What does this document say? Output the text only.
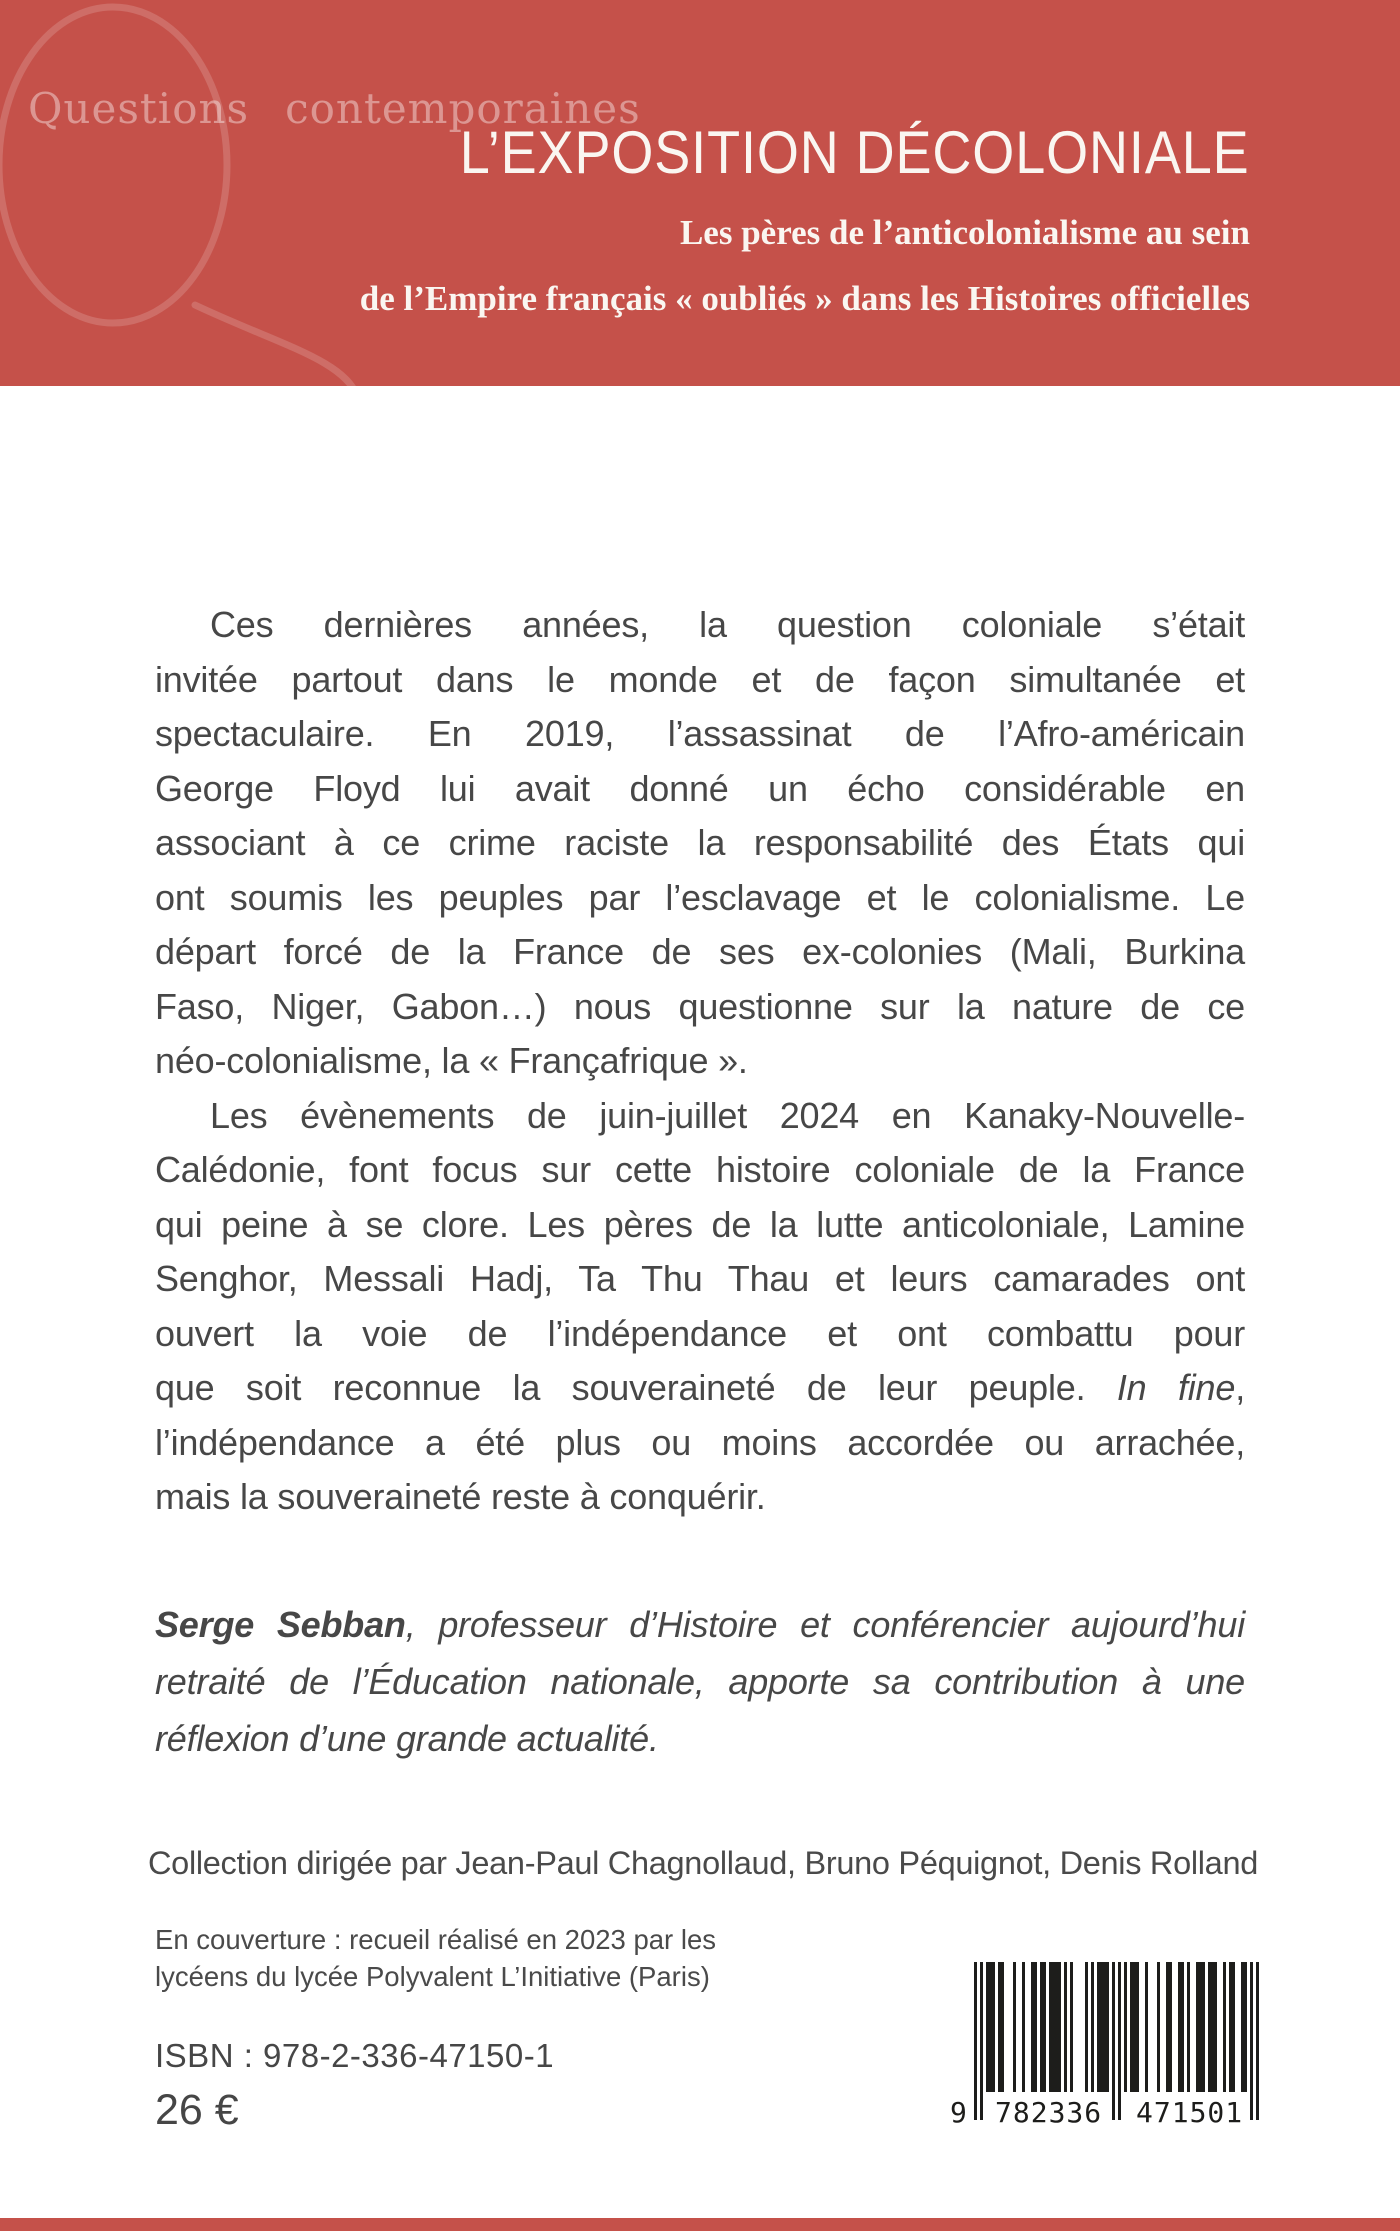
Questions contemporaines
L’EXPOSITION DÉCOLONIALE
Les pères de l’anticolonialisme au sein
de l’Empire français « oubliés » dans les Histoires officielles
Ces dernières années, la question coloniale s’était
invitée partout dans le monde et de façon simultanée et
spectaculaire. En 2019, l’assassinat de l’Afro-américain
George Floyd lui avait donné un écho considérable en
associant à ce crime raciste la responsabilité des États qui
ont soumis les peuples par l’esclavage et le colonialisme. Le
départ forcé de la France de ses ex-colonies (Mali, Burkina
Faso, Niger, Gabon…) nous questionne sur la nature de ce
néo-colonialisme, la « Françafrique ».
Les évènements de juin-juillet 2024 en Kanaky-Nouvelle-
Calédonie, font focus sur cette histoire coloniale de la France
qui peine à se clore. Les pères de la lutte anticoloniale, Lamine
Senghor, Messali Hadj, Ta Thu Thau et leurs camarades ont
ouvert la voie de l’indépendance et ont combattu pour
que soit reconnue la souveraineté de leur peuple. In fine,
l’indépendance a été plus ou moins accordée ou arrachée,
mais la souveraineté reste à conquérir.
Serge Sebban, professeur d’Histoire et conférencier aujourd’hui
retraité de l’Éducation nationale, apporte sa contribution à une
réflexion d’une grande actualité.
Collection dirigée par Jean-Paul Chagnollaud, Bruno Péquignot, Denis Rolland
En couverture : recueil réalisé en 2023 par les
lycéens du lycée Polyvalent L’Initiative (Paris)
ISBN : 978-2-336-47150-1
26 €	9 782336 471501
